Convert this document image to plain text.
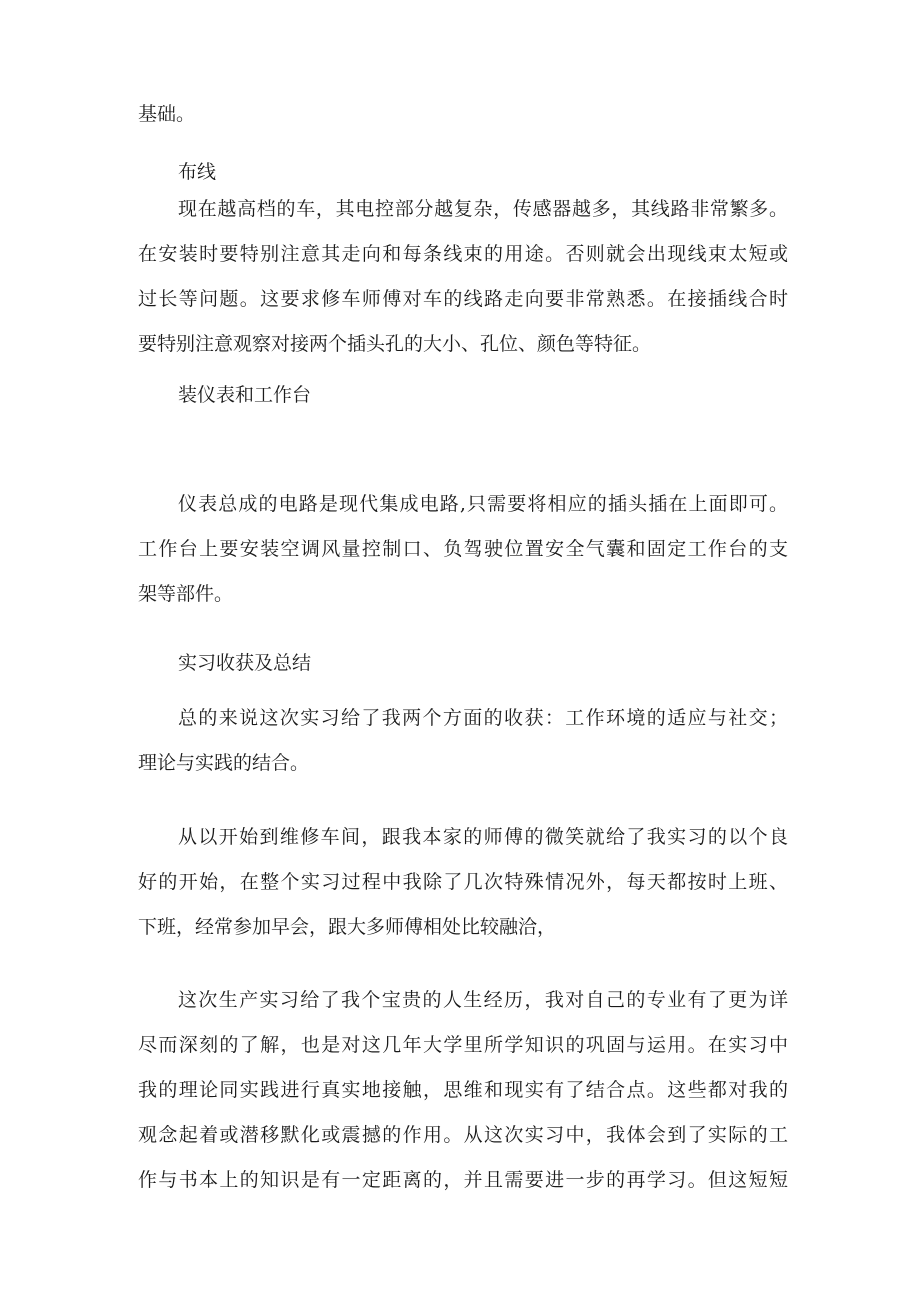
基础。
布线
现在越高档的车，其电控部分越复杂，传感器越多，其线路非常繁多。
在安装时要特别注意其走向和每条线束的用途。否则就会出现线束太短或
过长等问题。这要求修车师傅对车的线路走向要非常熟悉。在接插线合时
要特别注意观察对接两个插头孔的大小、孔位、颜色等特征。
装仪表和工作台
仪表总成的电路是现代集成电路,只需要将相应的插头插在上面即可。
工作台上要安装空调风量控制口、负驾驶位置安全气囊和固定工作台的支
架等部件。
实习收获及总结
总的来说这次实习给了我两个方面的收获：工作环境的适应与社交；
理论与实践的结合。
从以开始到维修车间，跟我本家的师傅的微笑就给了我实习的以个良
好的开始，在整个实习过程中我除了几次特殊情况外，每天都按时上班、
下班，经常参加早会，跟大多师傅相处比较融洽，
这次生产实习给了我个宝贵的人生经历，我对自己的专业有了更为详
尽而深刻的了解，也是对这几年大学里所学知识的巩固与运用。在实习中
我的理论同实践进行真实地接触，思维和现实有了结合点。这些都对我的
观念起着或潜移默化或震撼的作用。从这次实习中，我体会到了实际的工
作与书本上的知识是有一定距离的，并且需要进一步的再学习。但这短短
